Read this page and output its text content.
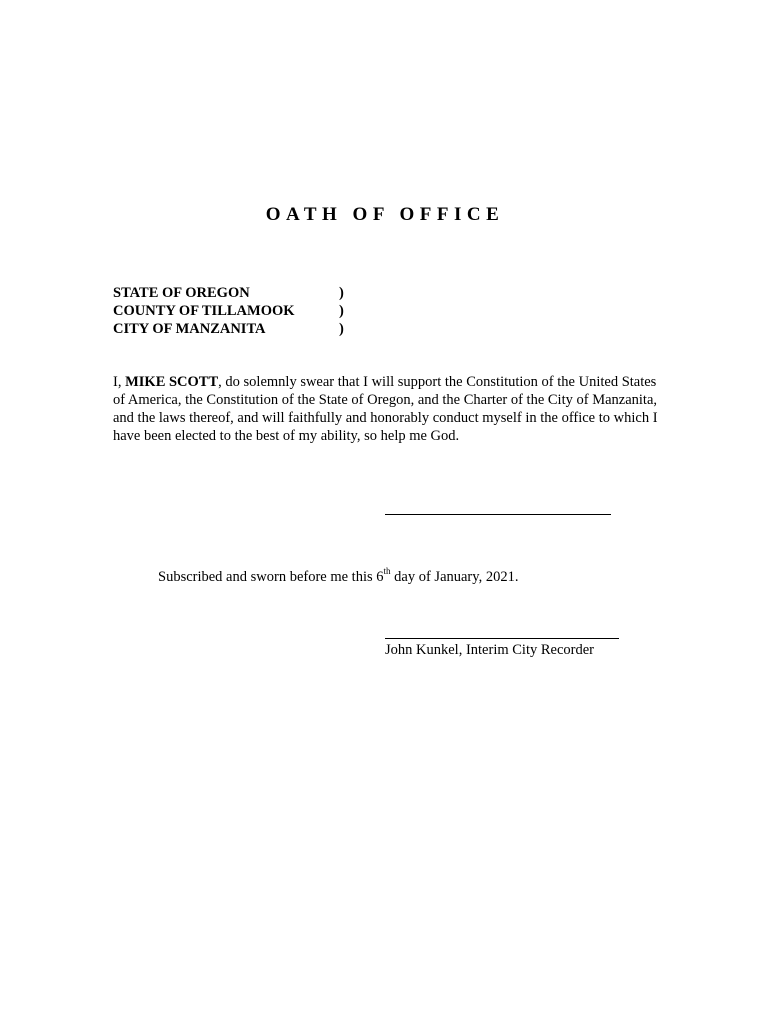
OATH OF OFFICE
STATE OF OREGON	)
COUNTY OF TILLAMOOK	)
CITY OF MANZANITA	)

I, MIKE SCOTT, do solemnly swear that I will support the Constitution of the United States of America, the Constitution of the State of Oregon, and the Charter of the City of Manzanita, and the laws thereof, and will faithfully and honorably conduct myself in the office to which I have been elected to the best of my ability, so help me God.

Subscribed and sworn before me this 6th day of January, 2021.
John Kunkel, Interim City Recorder
